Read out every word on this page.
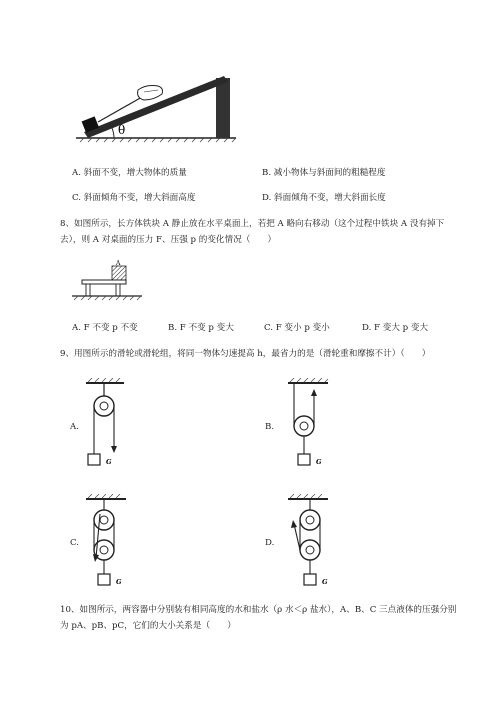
θ
A. 斜面不变，增大物体的质量	B. 减小物体与斜面间的粗糙程度
C. 斜面倾角不变，增大斜面高度	D. 斜面倾角不变，增大斜面长度
8、如图所示，长方体铁块 A 静止放在水平桌面上，若把 A 略向右移动（这个过程中铁块 A 没有掉下
去），则 A 对桌面的压力 F、压强 p 的变化情况（　　）
A
A. F 不变 p 不变	B. F 不变 p 变大	C. F 变小 p 变小	D. F 变大 p 变大
9、用图所示的滑轮或滑轮组，将同一物体匀速提高 h，最省力的是（滑轮重和摩擦不计）（　　）
A.
G
B.
G
C.
G
D.
G
10、如图所示，两容器中分别装有相同高度的水和盐水（ρ 水＜ρ 盐水），A、B、C 三点液体的压强分别
为 pA、pB、pC，它们的大小关系是（　　）
